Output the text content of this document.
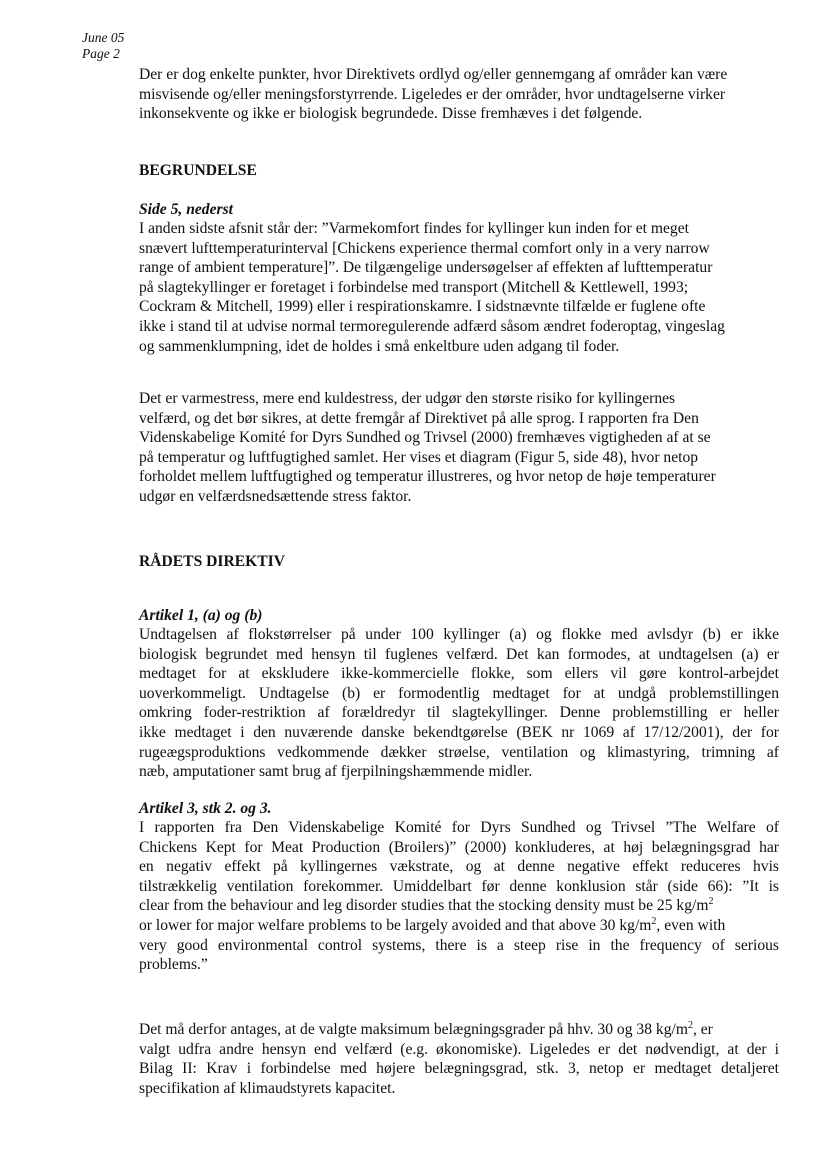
June 05
Page 2
Der er dog enkelte punkter, hvor Direktivets ordlyd og/eller gennemgang af områder kan være
misvisende og/eller meningsforstyrrende. Ligeledes er der områder, hvor undtagelserne virker
inkonsekvente og ikke er biologisk begrundede. Disse fremhæves i det følgende.
BEGRUNDELSE
Side 5, nederst
I anden sidste afsnit står der: ”Varmekomfort findes for kyllinger kun inden for et meget
snævert lufttemperaturinterval [Chickens experience thermal comfort only in a very narrow
range of ambient temperature]”. De tilgængelige undersøgelser af effekten af lufttemperatur
på slagtekyllinger er foretaget i forbindelse med transport (Mitchell & Kettlewell, 1993;
Cockram & Mitchell, 1999) eller i respirationskamre. I sidstnævnte tilfælde er fuglene ofte
ikke i stand til at udvise normal termoregulerende adfærd såsom ændret foderoptag, vingeslag
og sammenklumpning, idet de holdes i små enkeltbure uden adgang til foder.
Det er varmestress, mere end kuldestress, der udgør den største risiko for kyllingernes
velfærd, og det bør sikres, at dette fremgår af Direktivet på alle sprog. I rapporten fra Den
Videnskabelige Komité for Dyrs Sundhed og Trivsel (2000) fremhæves vigtigheden af at se
på temperatur og luftfugtighed samlet. Her vises et diagram (Figur 5, side 48), hvor netop
forholdet mellem luftfugtighed og temperatur illustreres, og hvor netop de høje temperaturer
udgør en velfærdsnedsættende stress faktor.
RÅDETS DIREKTIV
Artikel 1, (a) og (b)
Undtagelsen af flokstørrelser på under 100 kyllinger (a) og flokke med avlsdyr (b) er ikke
biologisk begrundet med hensyn til fuglenes velfærd. Det kan formodes, at undtagelsen (a) er
medtaget for at ekskludere ikke-kommercielle flokke, som ellers vil gøre kontrol-arbejdet
uoverkommeligt. Undtagelse (b) er formodentlig medtaget for at undgå problemstillingen
omkring foder-restriktion af forældredyr til slagtekyllinger. Denne problemstilling er heller
ikke medtaget i den nuværende danske bekendtgørelse (BEK nr 1069 af 17/12/2001), der for
rugeægsproduktions vedkommende dækker strøelse, ventilation og klimastyring, trimning af
næb, amputationer samt brug af fjerpilningshæmmende midler.
Artikel 3, stk 2. og 3.
I rapporten fra Den Videnskabelige Komité for Dyrs Sundhed og Trivsel ”The Welfare of
Chickens Kept for Meat Production (Broilers)” (2000) konkluderes, at høj belægningsgrad har
en negativ effekt på kyllingernes vækstrate, og at denne negative effekt reduceres hvis
tilstrækkelig ventilation forekommer. Umiddelbart før denne konklusion står (side 66): ”It is
clear from the behaviour and leg disorder studies that the stocking density must be 25 $kg/m^2$
or lower for major welfare problems to be largely avoided and that above 30 $kg/m^2$, even with
very good environmental control systems, there is a steep rise in the frequency of serious
problems.”
Det må derfor antages, at de valgte maksimum belægningsgrader på hhv. 30 og 38 $kg/m^2$, er
valgt udfra andre hensyn end velfærd (e.g. økonomiske). Ligeledes er det nødvendigt, at der i
Bilag II: Krav i forbindelse med højere belægningsgrad, stk. 3, netop er medtaget detaljeret
specifikation af klimaudstyrets kapacitet.
